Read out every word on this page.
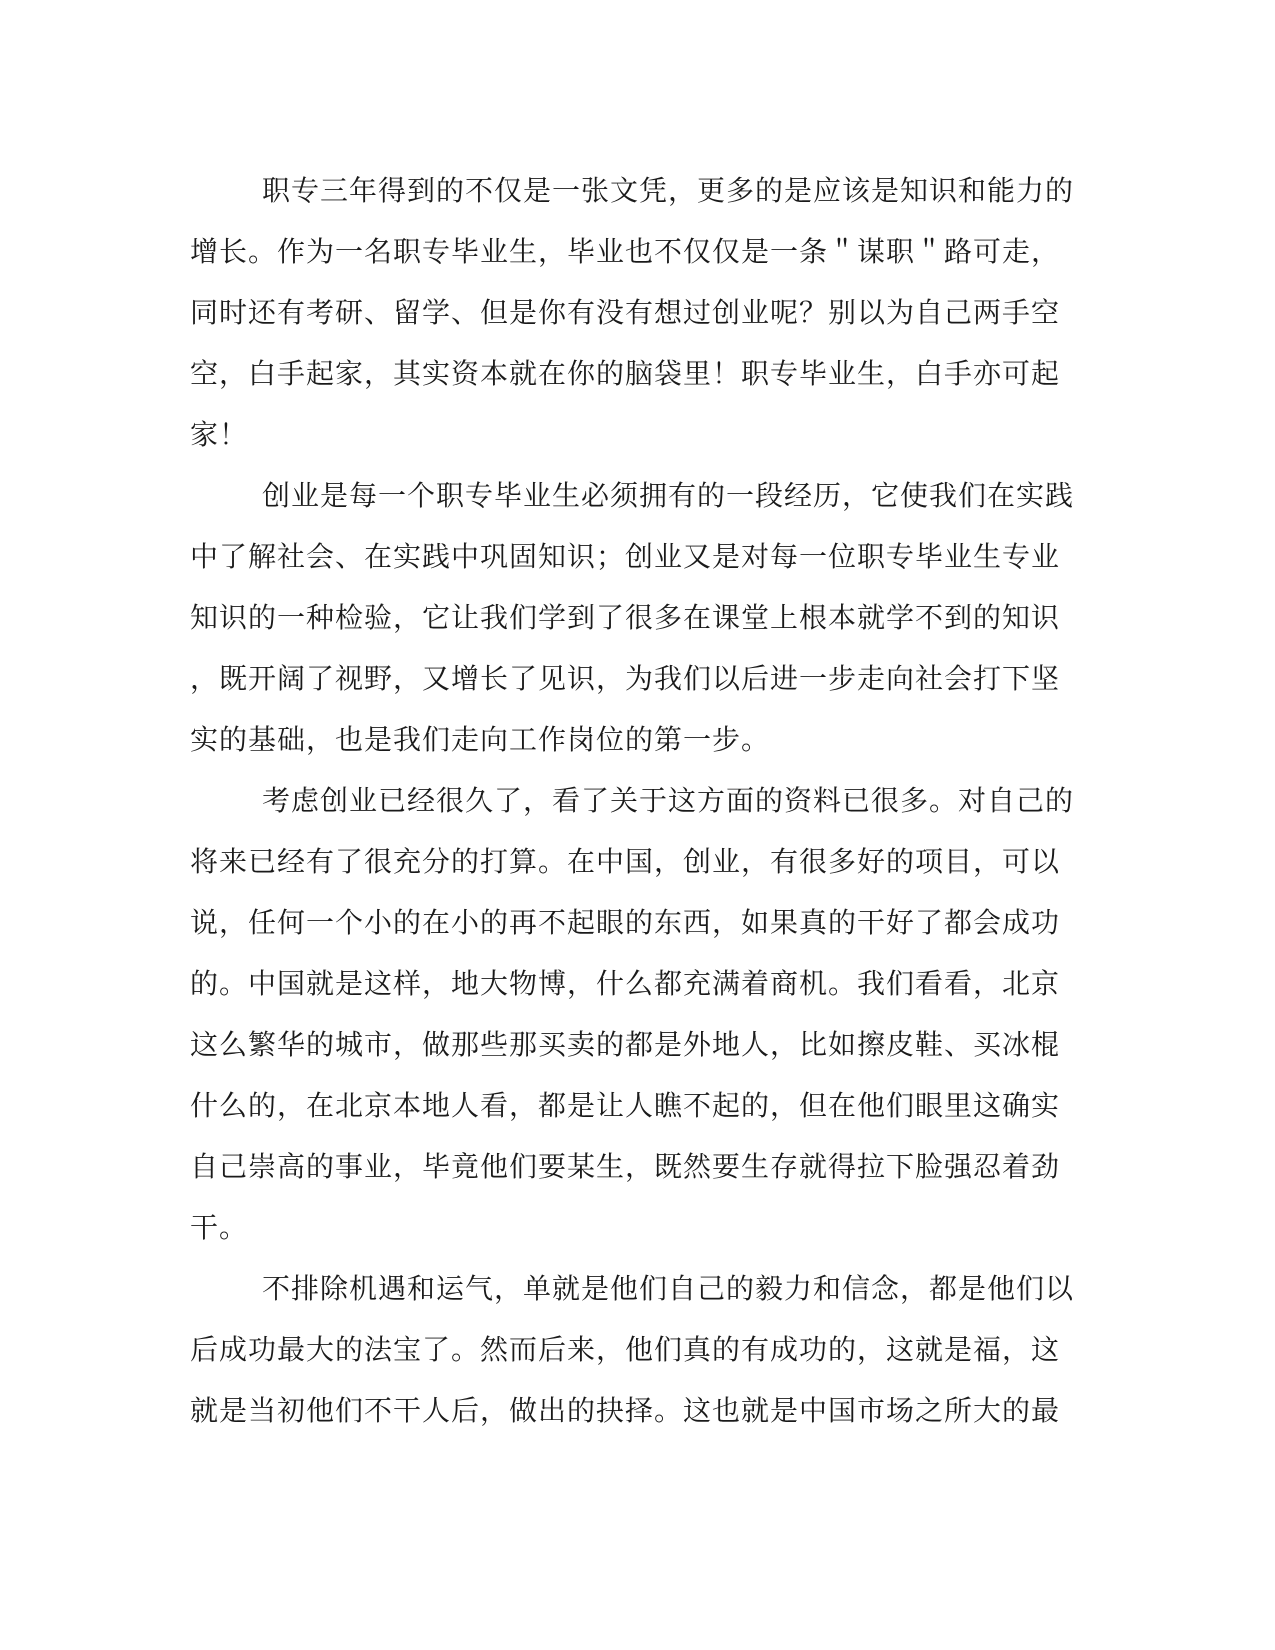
职专三年得到的不仅是一张文凭，更多的是应该是知识和能力的
增长。作为一名职专毕业生，毕业也不仅仅是一条＂谋职＂路可走，
同时还有考研、留学、但是你有没有想过创业呢？别以为自己两手空
空，白手起家，其实资本就在你的脑袋里！职专毕业生，白手亦可起
家！
创业是每一个职专毕业生必须拥有的一段经历，它使我们在实践
中了解社会、在实践中巩固知识；创业又是对每一位职专毕业生专业
知识的一种检验，它让我们学到了很多在课堂上根本就学不到的知识
，既开阔了视野，又增长了见识，为我们以后进一步走向社会打下坚
实的基础，也是我们走向工作岗位的第一步。
考虑创业已经很久了，看了关于这方面的资料已很多。对自己的
将来已经有了很充分的打算。在中国，创业，有很多好的项目，可以
说，任何一个小的在小的再不起眼的东西，如果真的干好了都会成功
的。中国就是这样，地大物博，什么都充满着商机。我们看看，北京
这么繁华的城市，做那些那买卖的都是外地人，比如擦皮鞋、买冰棍
什么的，在北京本地人看，都是让人瞧不起的，但在他们眼里这确实
自己崇高的事业，毕竟他们要某生，既然要生存就得拉下脸强忍着劲
干。
不排除机遇和运气，单就是他们自己的毅力和信念，都是他们以
后成功最大的法宝了。然而后来，他们真的有成功的，这就是福，这
就是当初他们不干人后，做出的抉择。这也就是中国市场之所大的最
